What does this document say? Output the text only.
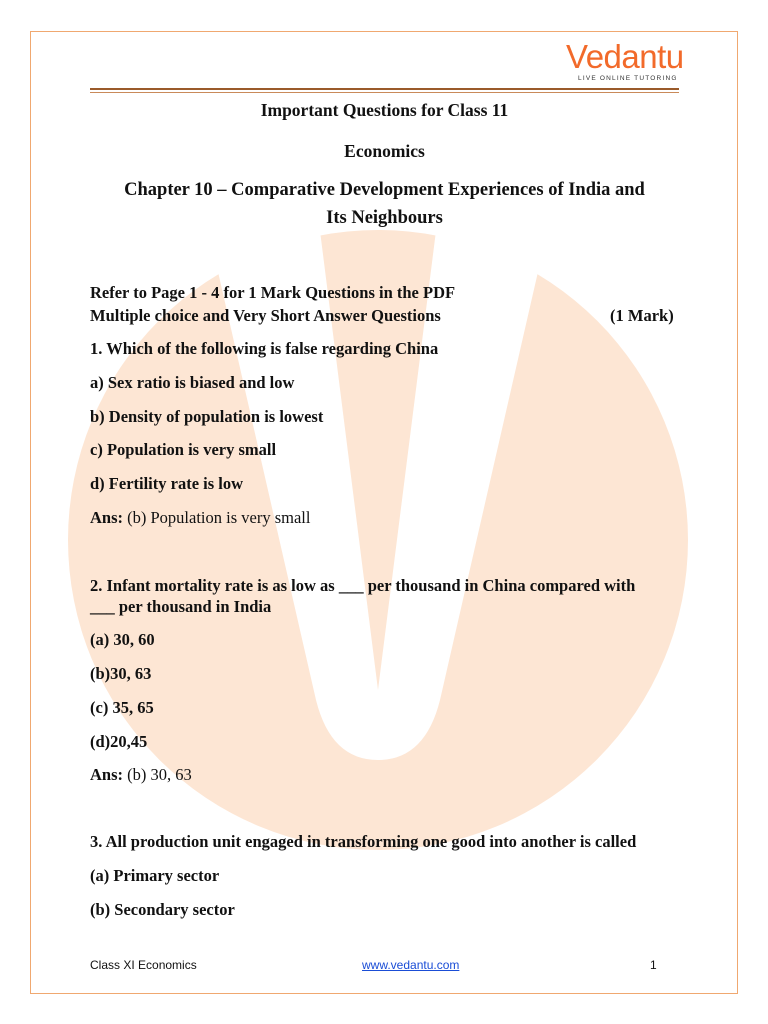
Vedantu
LIVE ONLINE TUTORING
Important Questions for Class 11
Economics
Chapter 10 – Comparative Development Experiences of India and
Its Neighbours
Refer to Page 1 - 4 for 1 Mark Questions in the PDF
Multiple choice and Very Short Answer Questions	(1 Mark)
1. Which of the following is false regarding China
a) Sex ratio is biased and low
b) Density of population is lowest
c) Population is very small
d) Fertility rate is low
Ans: (b) Population is very small
2. Infant mortality rate is as low as ___ per thousand in China compared with
___ per thousand in India
(a) 30, 60
(b)30, 63
(c) 35, 65
(d)20,45
Ans: (b) 30, 63
3. All production unit engaged in transforming one good into another is called
(a) Primary sector
(b) Secondary sector
Class XI Economics	www.vedantu.com	1
